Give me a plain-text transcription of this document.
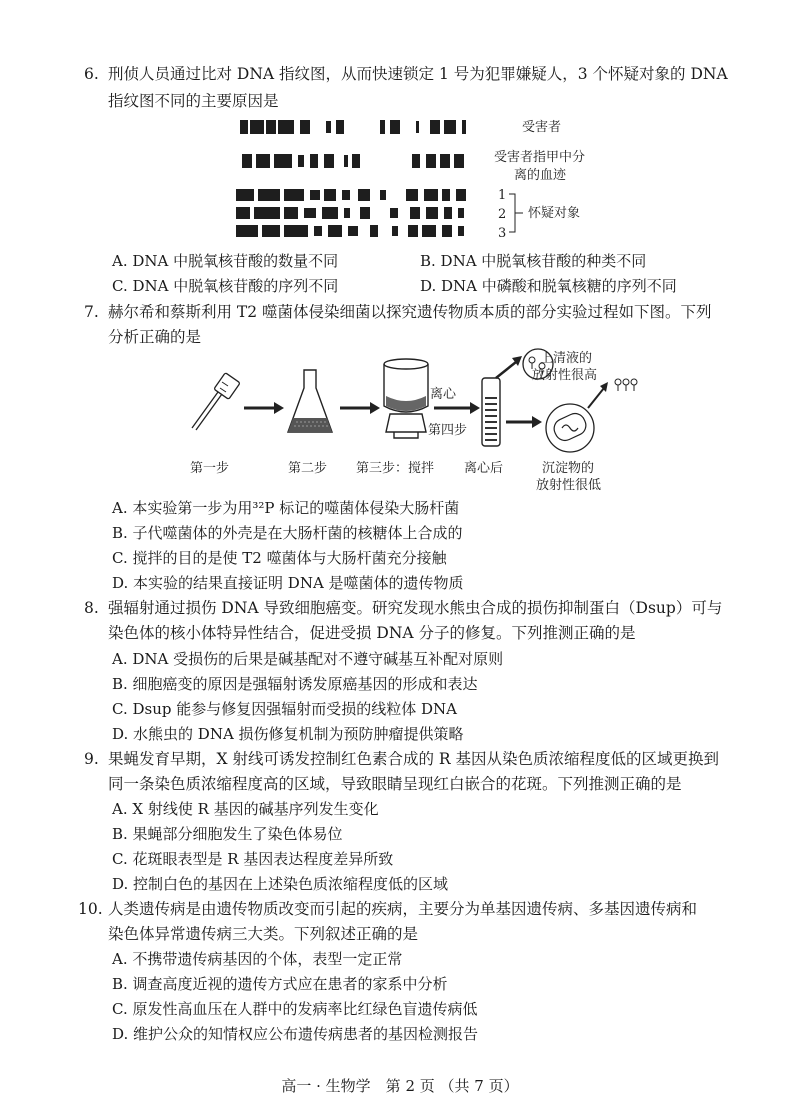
6. 刑侦人员通过比对 DNA 指纹图，从而快速锁定 1 号为犯罪嫌疑人，3 个怀疑对象的 DNA
指纹图不同的主要原因是
受害者
受害者指甲中分
离的血迹
1
2
3
怀疑对象
A. DNA 中脱氧核苷酸的数量不同	B. DNA 中脱氧核苷酸的种类不同
C. DNA 中脱氧核苷酸的序列不同	D. DNA 中磷酸和脱氧核糖的序列不同
7. 赫尔希和蔡斯利用 T2 噬菌体侵染细菌以探究遗传物质本质的部分实验过程如下图。下列
分析正确的是
离心
第四步
上清液的
放射性很高
第一步	第二步 第三步：搅拌 离心后	沉淀物的
放射性很低
A. 本实验第一步为用³²P 标记的噬菌体侵染大肠杆菌
B. 子代噬菌体的外壳是在大肠杆菌的核糖体上合成的
C. 搅拌的目的是使 T2 噬菌体与大肠杆菌充分接触
D. 本实验的结果直接证明 DNA 是噬菌体的遗传物质
8. 强辐射通过损伤 DNA 导致细胞癌变。研究发现水熊虫合成的损伤抑制蛋白（Dsup）可与
染色体的核小体特异性结合，促进受损 DNA 分子的修复。下列推测正确的是
A. DNA 受损伤的后果是碱基配对不遵守碱基互补配对原则
B. 细胞癌变的原因是强辐射诱发原癌基因的形成和表达
C. Dsup 能参与修复因强辐射而受损的线粒体 DNA
D. 水熊虫的 DNA 损伤修复机制为预防肿瘤提供策略
9. 果蝇发育早期，X 射线可诱发控制红色素合成的 R 基因从染色质浓缩程度低的区域更换到
同一条染色质浓缩程度高的区域，导致眼睛呈现红白嵌合的花斑。下列推测正确的是
A. X 射线使 R 基因的碱基序列发生变化
B. 果蝇部分细胞发生了染色体易位
C. 花斑眼表型是 R 基因表达程度差异所致
D. 控制白色的基因在上述染色质浓缩程度低的区域
10. 人类遗传病是由遗传物质改变而引起的疾病，主要分为单基因遗传病、多基因遗传病和
染色体异常遗传病三大类。下列叙述正确的是
A. 不携带遗传病基因的个体，表型一定正常
B. 调查高度近视的遗传方式应在患者的家系中分析
C. 原发性高血压在人群中的发病率比红绿色盲遗传病低
D. 维护公众的知情权应公布遗传病患者的基因检测报告
高一 · 生物学　第 2 页 （共 7 页）
